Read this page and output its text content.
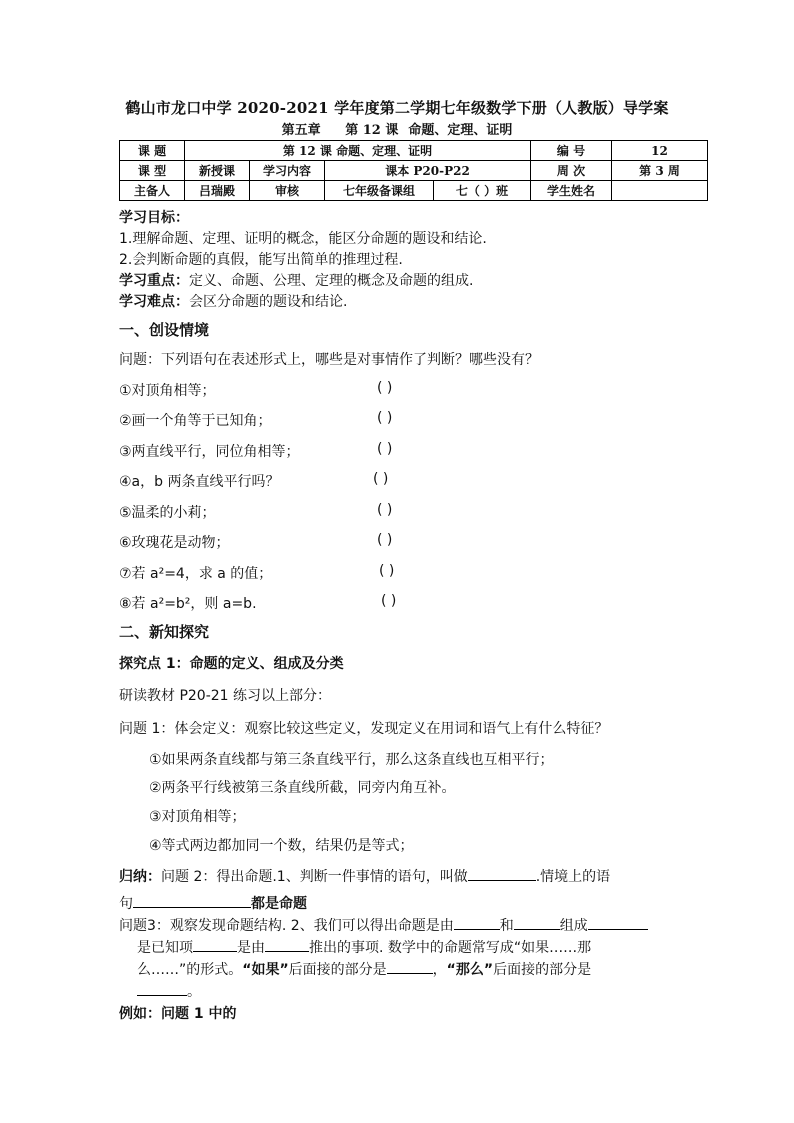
鹤山市龙口中学 2020-2021 学年度第二学期七年级数学下册（人教版）导学案
第五章 第 12 课 命题、定理、证明
课 题	第 12 课 命题、定理、证明				编 号	12
课 型	新授课	学习内容	课本 P20-P22		周 次	第 3 周
主备人	吕瑞殿	审核	七年级备课组	七（ ）班	学生姓名	
学习目标：
1.理解命题、定理、证明的概念，能区分命题的题设和结论.
2.会判断命题的真假，能写出简单的推理过程.
学习重点：定义、命题、公理、定理的概念及命题的组成.
学习难点：会区分命题的题设和结论.
一、创设情境
问题：下列语句在表述形式上，哪些是对事情作了判断？哪些没有？
①对顶角相等；	( )
②画一个角等于已知角；	( )
③两直线平行，同位角相等；	( )
④a，b 两条直线平行吗？	( )
⑤温柔的小莉；	( )
⑥玫瑰花是动物；	( )
⑦若 a²=4，求 a 的值；	( )
⑧若 a²=b²，则 a=b.	( )
二、新知探究
探究点 1：命题的定义、组成及分类
研读教材 P20-21 练习以上部分：
问题 1：体会定义：观察比较这些定义，发现定义在用词和语气上有什么特征？
①如果两条直线都与第三条直线平行，那么这条直线也互相平行；
②两条平行线被第三条直线所截，同旁内角互补。
③对顶角相等；
④等式两边都加同一个数，结果仍是等式；
归纳：问题 2：得出命题.1、判断一件事情的语句，叫做	.情境上的语
句	都是命题
问题3：观察发现命题结构. 2、我们可以得出命题是由	和	组成
是已知项	是由	推出的事项. 数学中的命题常写成“如果……那
么……”的形式。“如果”后面接的部分是	，“那么”后面接的部分是
。
例如：问题 1 中的
